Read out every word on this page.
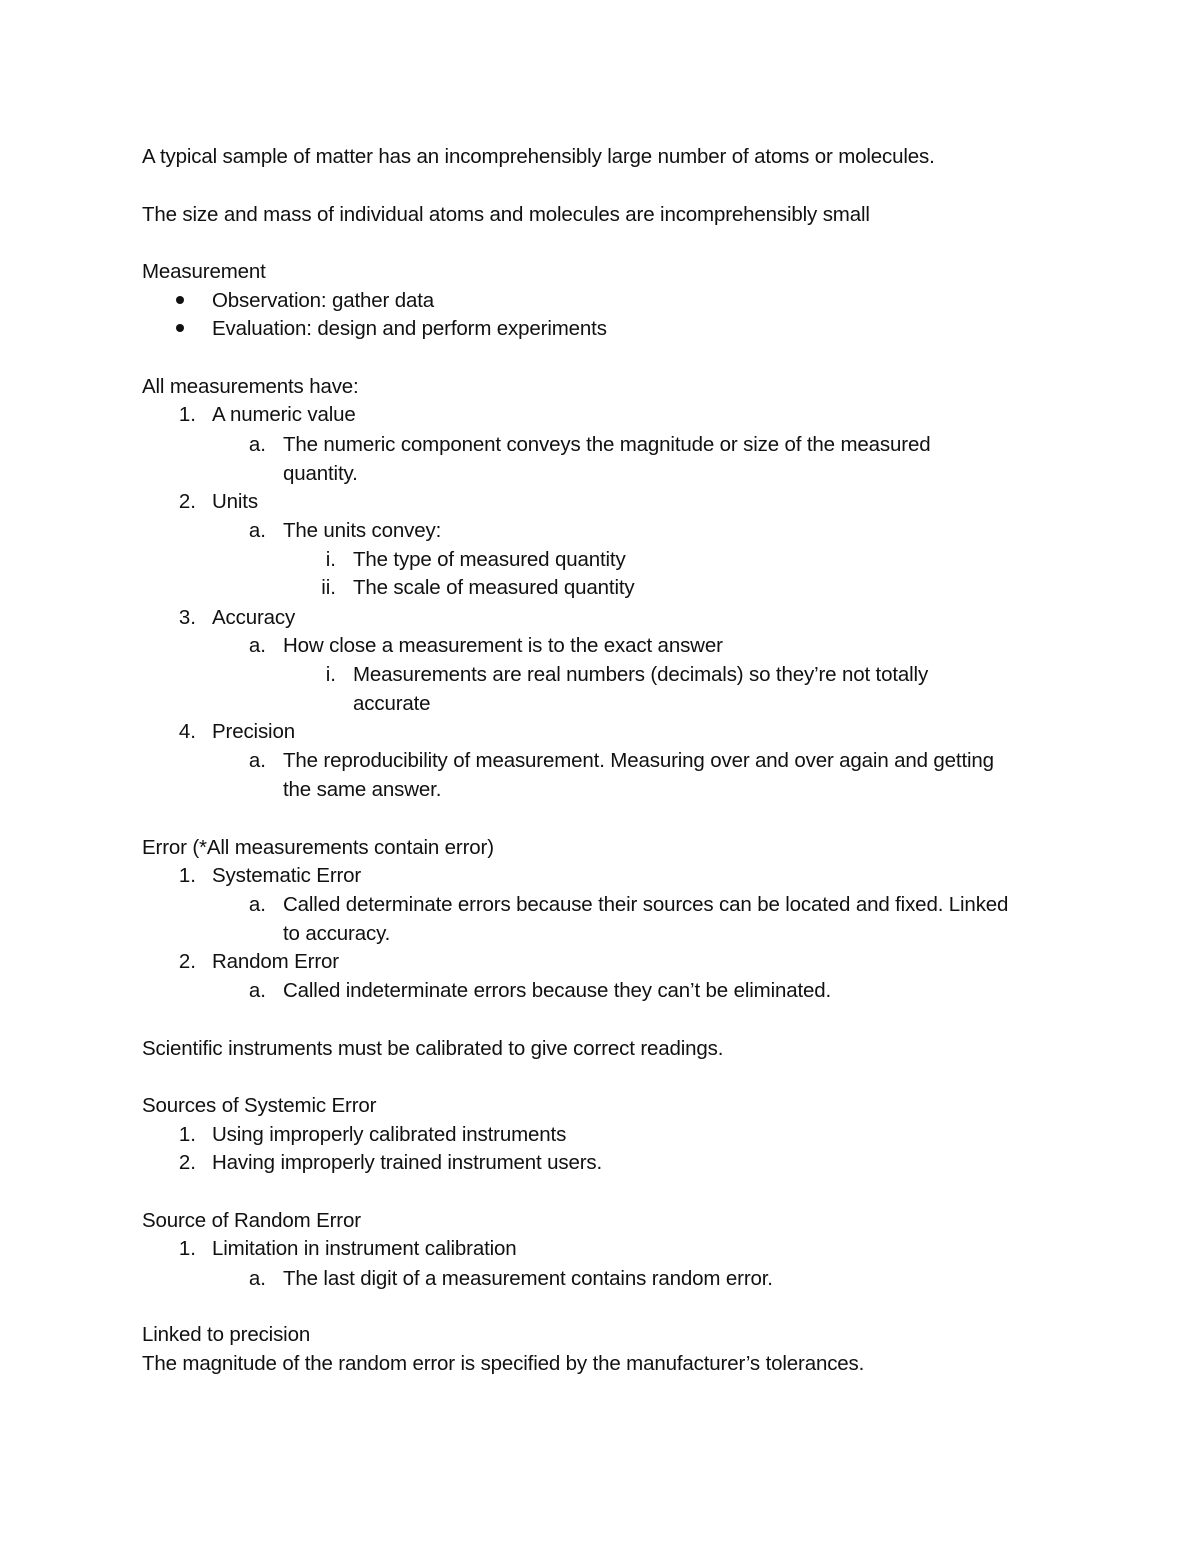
A typical sample of matter has an incomprehensibly large number of atoms or molecules.
The size and mass of individual atoms and molecules are incomprehensibly small
Measurement
Observation: gather data
Evaluation: design and perform experiments
All measurements have:
1. A numeric value
a. The numeric component conveys the magnitude or size of the measured
quantity.
2. Units
a. The units convey:
i. The type of measured quantity
ii. The scale of measured quantity
3. Accuracy
a. How close a measurement is to the exact answer
i. Measurements are real numbers (decimals) so they’re not totally
accurate
4. Precision
a. The reproducibility of measurement. Measuring over and over again and getting
the same answer.
Error (*All measurements contain error)
1. Systematic Error
a. Called determinate errors because their sources can be located and fixed. Linked
to accuracy.
2. Random Error
a. Called indeterminate errors because they can’t be eliminated.
Scientific instruments must be calibrated to give correct readings.
Sources of Systemic Error
1. Using improperly calibrated instruments
2. Having improperly trained instrument users.
Source of Random Error
1. Limitation in instrument calibration
a. The last digit of a measurement contains random error.
Linked to precision
The magnitude of the random error is specified by the manufacturer’s tolerances.
